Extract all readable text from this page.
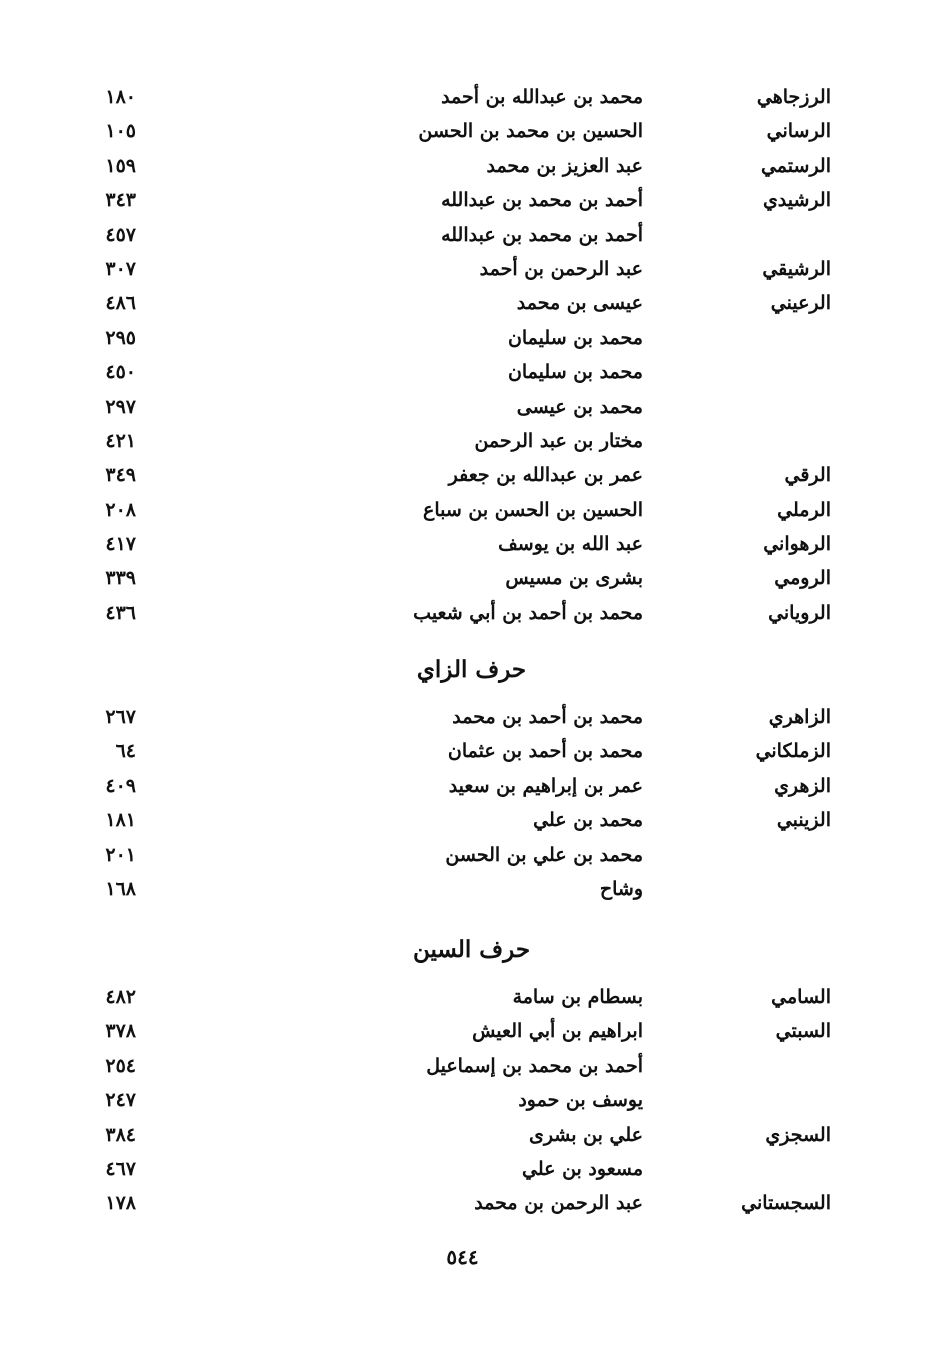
الرزجاهي
محمد بن عبدالله بن أحمد
١٨٠
الرساني
الحسين بن محمد بن الحسن
١٠٥
الرستمي
عبد العزيز بن محمد
١٥٩
الرشيدي
أحمد بن محمد بن عبدالله
٣٤٣
أحمد بن محمد بن عبدالله
٤٥٧
الرشيقي
عبد الرحمن بن أحمد
٣٠٧
الرعيني
عيسى بن محمد
٤٨٦
محمد بن سليمان
٢٩٥
محمد بن سليمان
٤٥٠
محمد بن عيسى
٢٩٧
مختار بن عبد الرحمن
٤٢١
الرقي
عمر بن عبدالله بن جعفر
٣٤٩
الرملي
الحسين بن الحسن بن سباع
٢٠٨
الرهواني
عبد الله بن يوسف
٤١٧
الرومي
بشرى بن مسيس
٣٣٩
الروياني
محمد بن أحمد بن أبي شعيب
٤٣٦
حرف الزاي
الزاهري
محمد بن أحمد بن محمد
٢٦٧
الزملكاني
محمد بن أحمد بن عثمان
٦٤
الزهري
عمر بن إبراهيم بن سعيد
٤٠٩
الزينبي
محمد بن علي
١٨١
محمد بن علي بن الحسن
٢٠١
وشاح
١٦٨
حرف السين
السامي
بسطام بن سامة
٤٨٢
السبتي
ابراهيم بن أبي العيش
٣٧٨
أحمد بن محمد بن إسماعيل
٢٥٤
يوسف بن حمود
٢٤٧
السجزي
علي بن بشرى
٣٨٤
مسعود بن علي
٤٦٧
السجستاني
عبد الرحمن بن محمد
١٧٨
٥٤٤
